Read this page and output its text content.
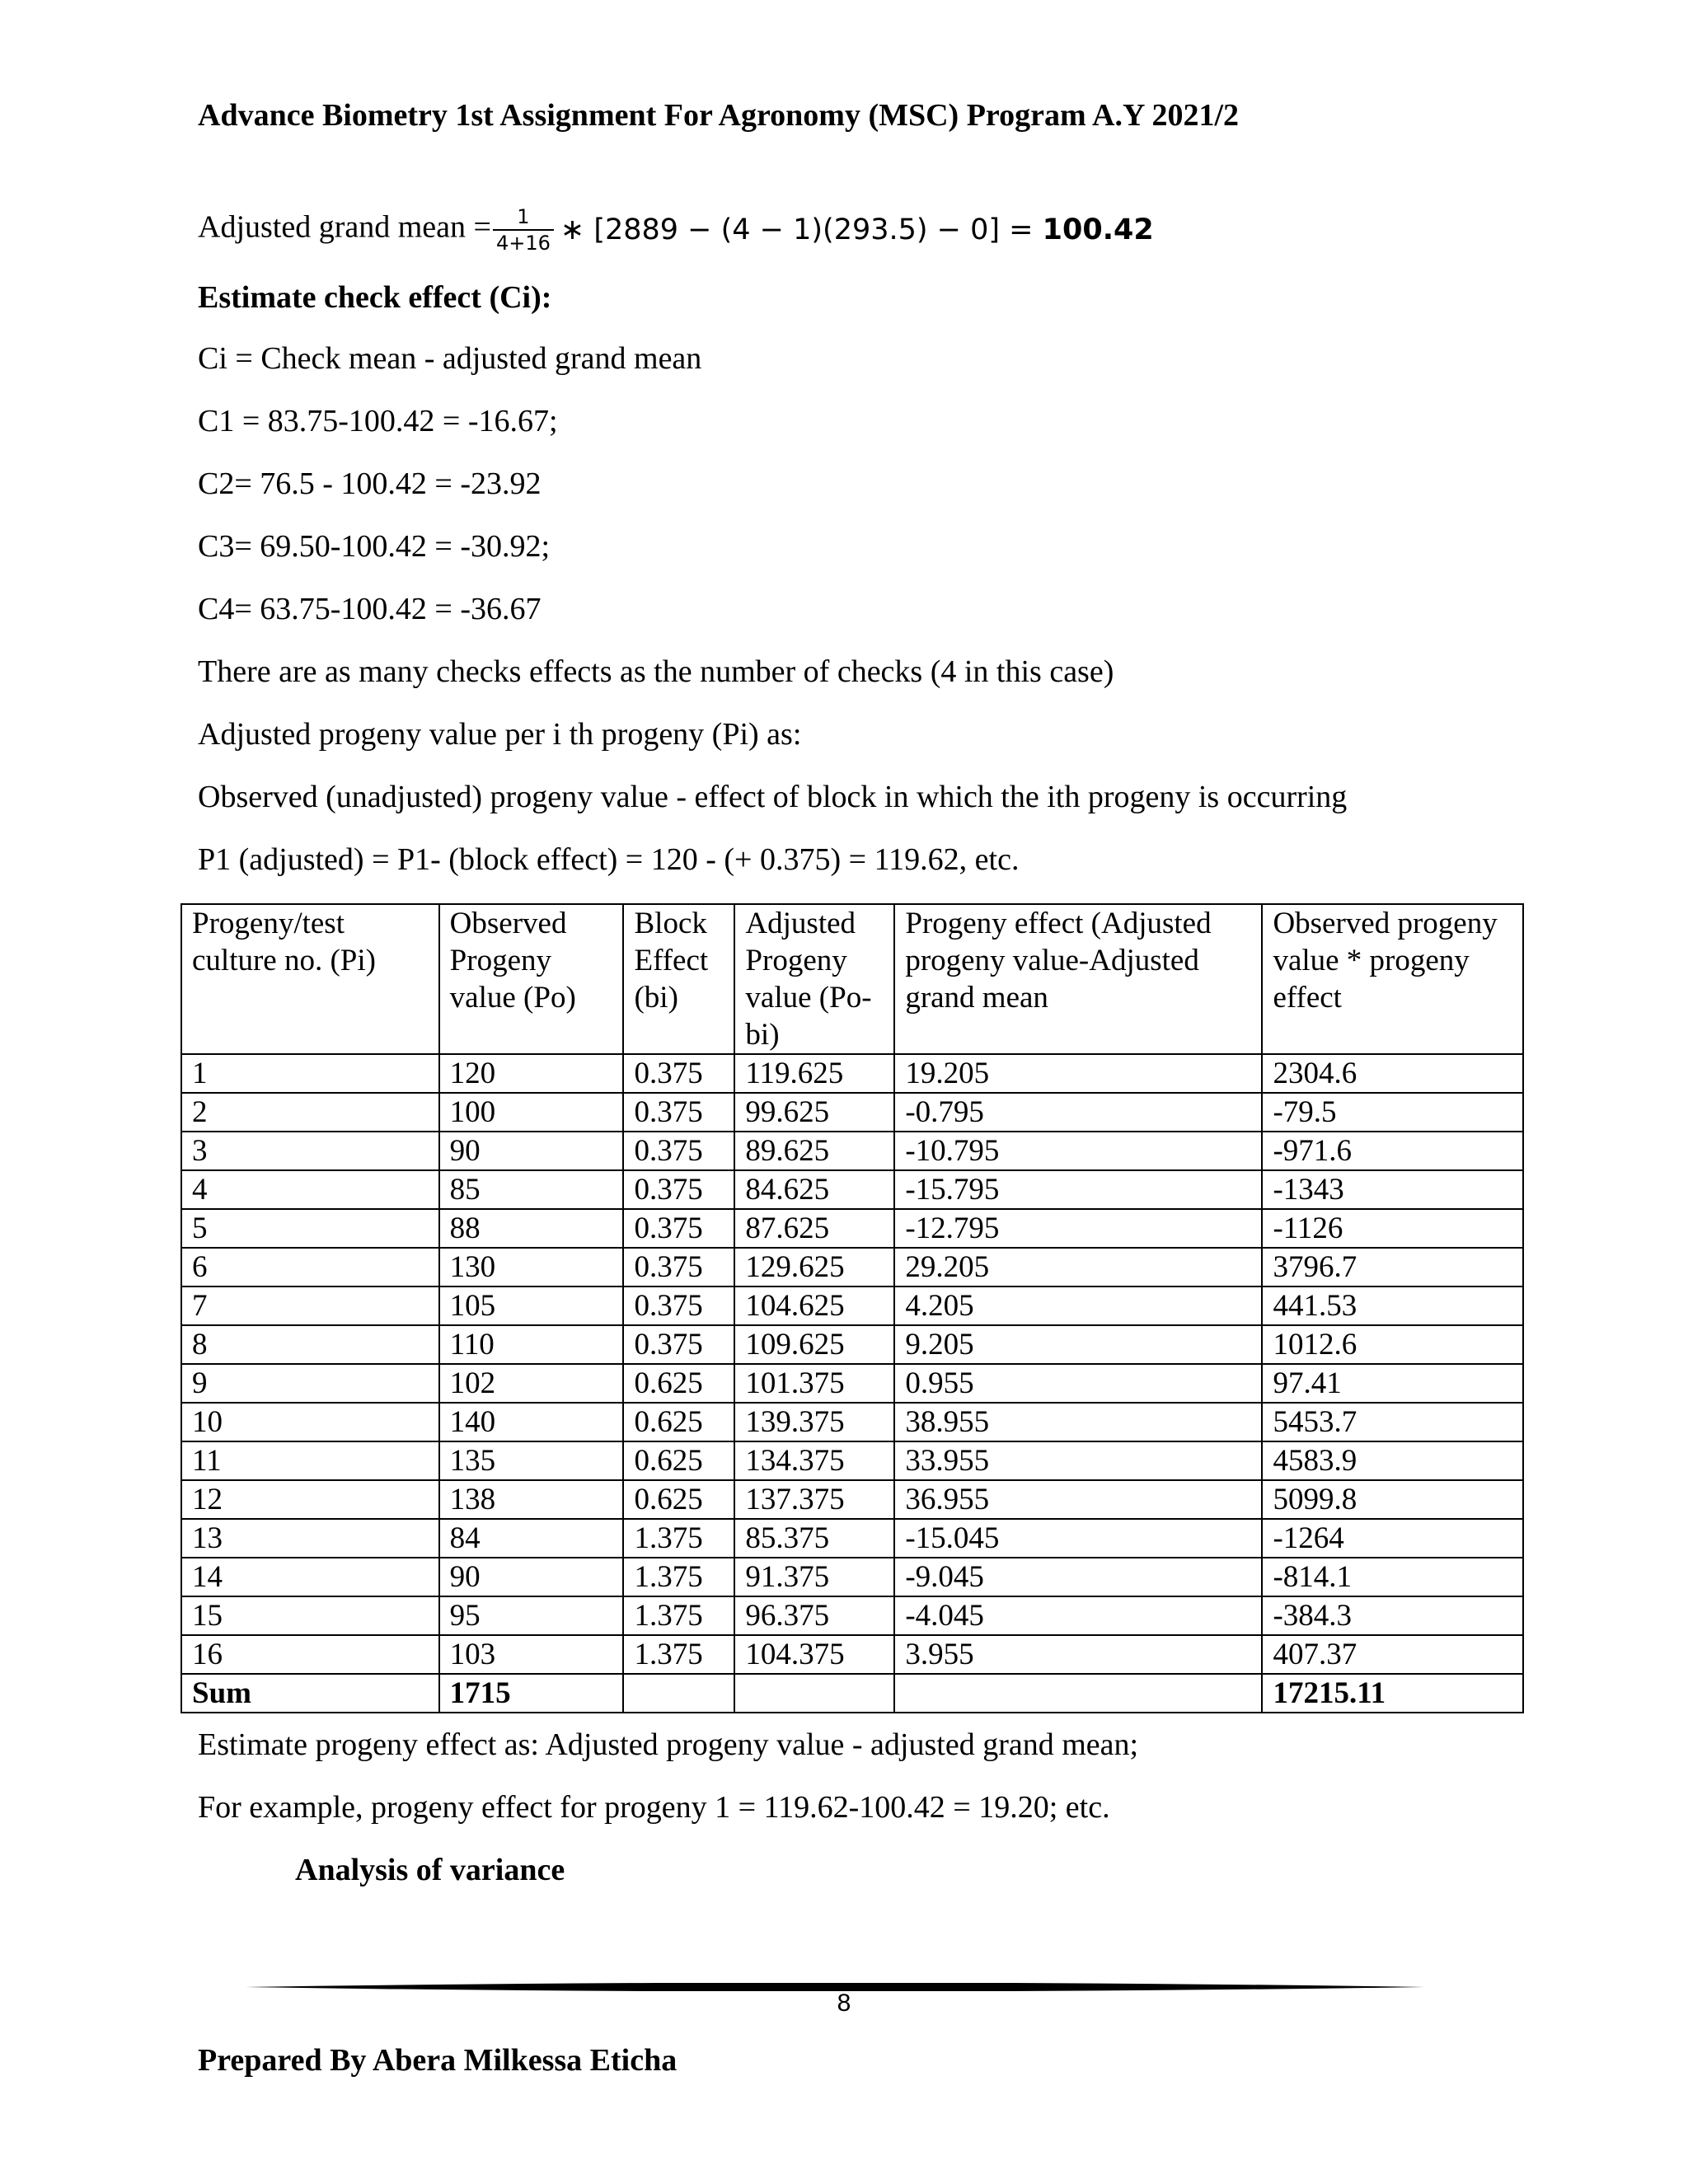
Advance Biometry 1st Assignment For Agronomy (MSC) Program A.Y 2021/2
Adjusted grand mean = $\frac{1}{4+16}$ ∗ [2889 − (4 − 1)(293.5) − 0] = 100.42
Estimate check effect (Ci):
Ci = Check mean - adjusted grand mean
C1 = 83.75-100.42 = -16.67;
C2= 76.5 - 100.42 = -23.92
C3= 69.50-100.42 = -30.92;
C4= 63.75-100.42 = -36.67
There are as many checks effects as the number of checks (4 in this case)
Adjusted progeny value per i th progeny (Pi) as:
Observed (unadjusted) progeny value - effect of block in which the ith progeny is occurring
P1 (adjusted) = P1- (block effect) = 120 - (+ 0.375) = 119.62, etc.
Progeny/test culture no. (Pi)	Observed Progeny value (Po)	Block Effect (bi)	Adjusted Progeny value (Po- bi)	Progeny effect (Adjusted progeny value-Adjusted grand mean	Observed progeny value * progeny effect
1	120	0.375	119.625	19.205	2304.6
2	100	0.375	99.625	-0.795	-79.5
3	90	0.375	89.625	-10.795	-971.6
4	85	0.375	84.625	-15.795	-1343
5	88	0.375	87.625	-12.795	-1126
6	130	0.375	129.625	29.205	3796.7
7	105	0.375	104.625	4.205	441.53
8	110	0.375	109.625	9.205	1012.6
9	102	0.625	101.375	0.955	97.41
10	140	0.625	139.375	38.955	5453.7
11	135	0.625	134.375	33.955	4583.9
12	138	0.625	137.375	36.955	5099.8
13	84	1.375	85.375	-15.045	-1264
14	90	1.375	91.375	-9.045	-814.1
15	95	1.375	96.375	-4.045	-384.3
16	103	1.375	104.375	3.955	407.37
Sum	1715				17215.11
Estimate progeny effect as: Adjusted progeny value - adjusted grand mean;
For example, progeny effect for progeny 1 = 119.62-100.42 = 19.20; etc.
Analysis of variance
8
Prepared By Abera Milkessa Eticha
